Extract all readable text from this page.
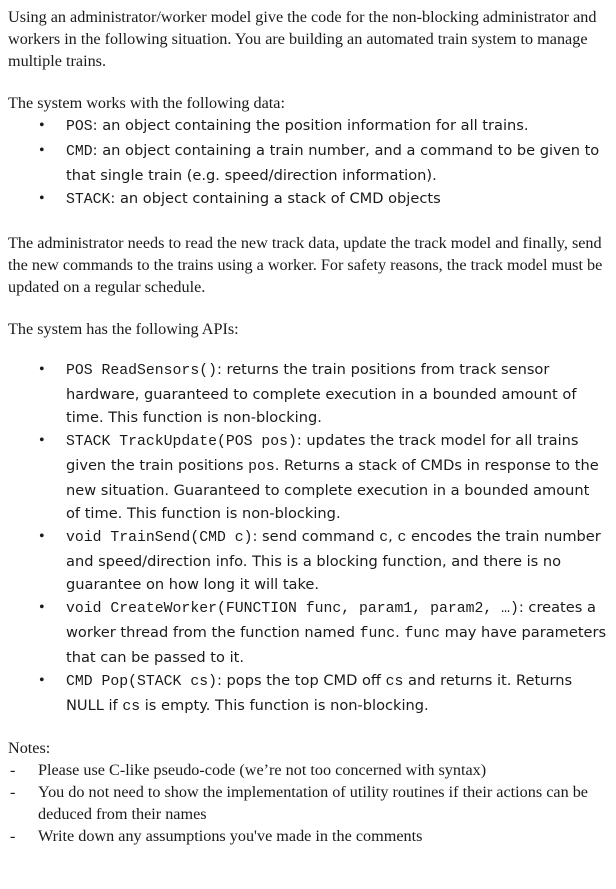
Using an administrator/worker model give the code for the non-blocking administrator and workers in the following situation. You are building an automated train system to manage multiple trains.

The system works with the following data:

• POS: an object containing the position information for all trains.
• CMD: an object containing a train number, and a command to be given to that single train (e.g. speed/direction information).
• STACK: an object containing a stack of CMD objects

The administrator needs to read the new track data, update the track model and finally, send the new commands to the trains using a worker. For safety reasons, the track model must be updated on a regular schedule.

The system has the following APIs:

• POS ReadSensors(): returns the train positions from track sensor hardware, guaranteed to complete execution in a bounded amount of time. This function is non-blocking.
• STACK TrackUpdate(POS pos): updates the track model for all trains given the train positions pos. Returns a stack of CMDs in response to the new situation. Guaranteed to complete execution in a bounded amount of time. This function is non-blocking.
• void TrainSend(CMD c): send command c, c encodes the train number and speed/direction info. This is a blocking function, and there is no guarantee on how long it will take.
• void CreateWorker(FUNCTION func, param1, param2, …): creates a worker thread from the function named func. func may have parameters that can be passed to it.
• CMD Pop(STACK cs): pops the top CMD off cs and returns it. Returns NULL if cs is empty. This function is non-blocking.

Notes:

- Please use C-like pseudo-code (we’re not too concerned with syntax)
- You do not need to show the implementation of utility routines if their actions can be deduced from their names
- Write down any assumptions you've made in the comments
